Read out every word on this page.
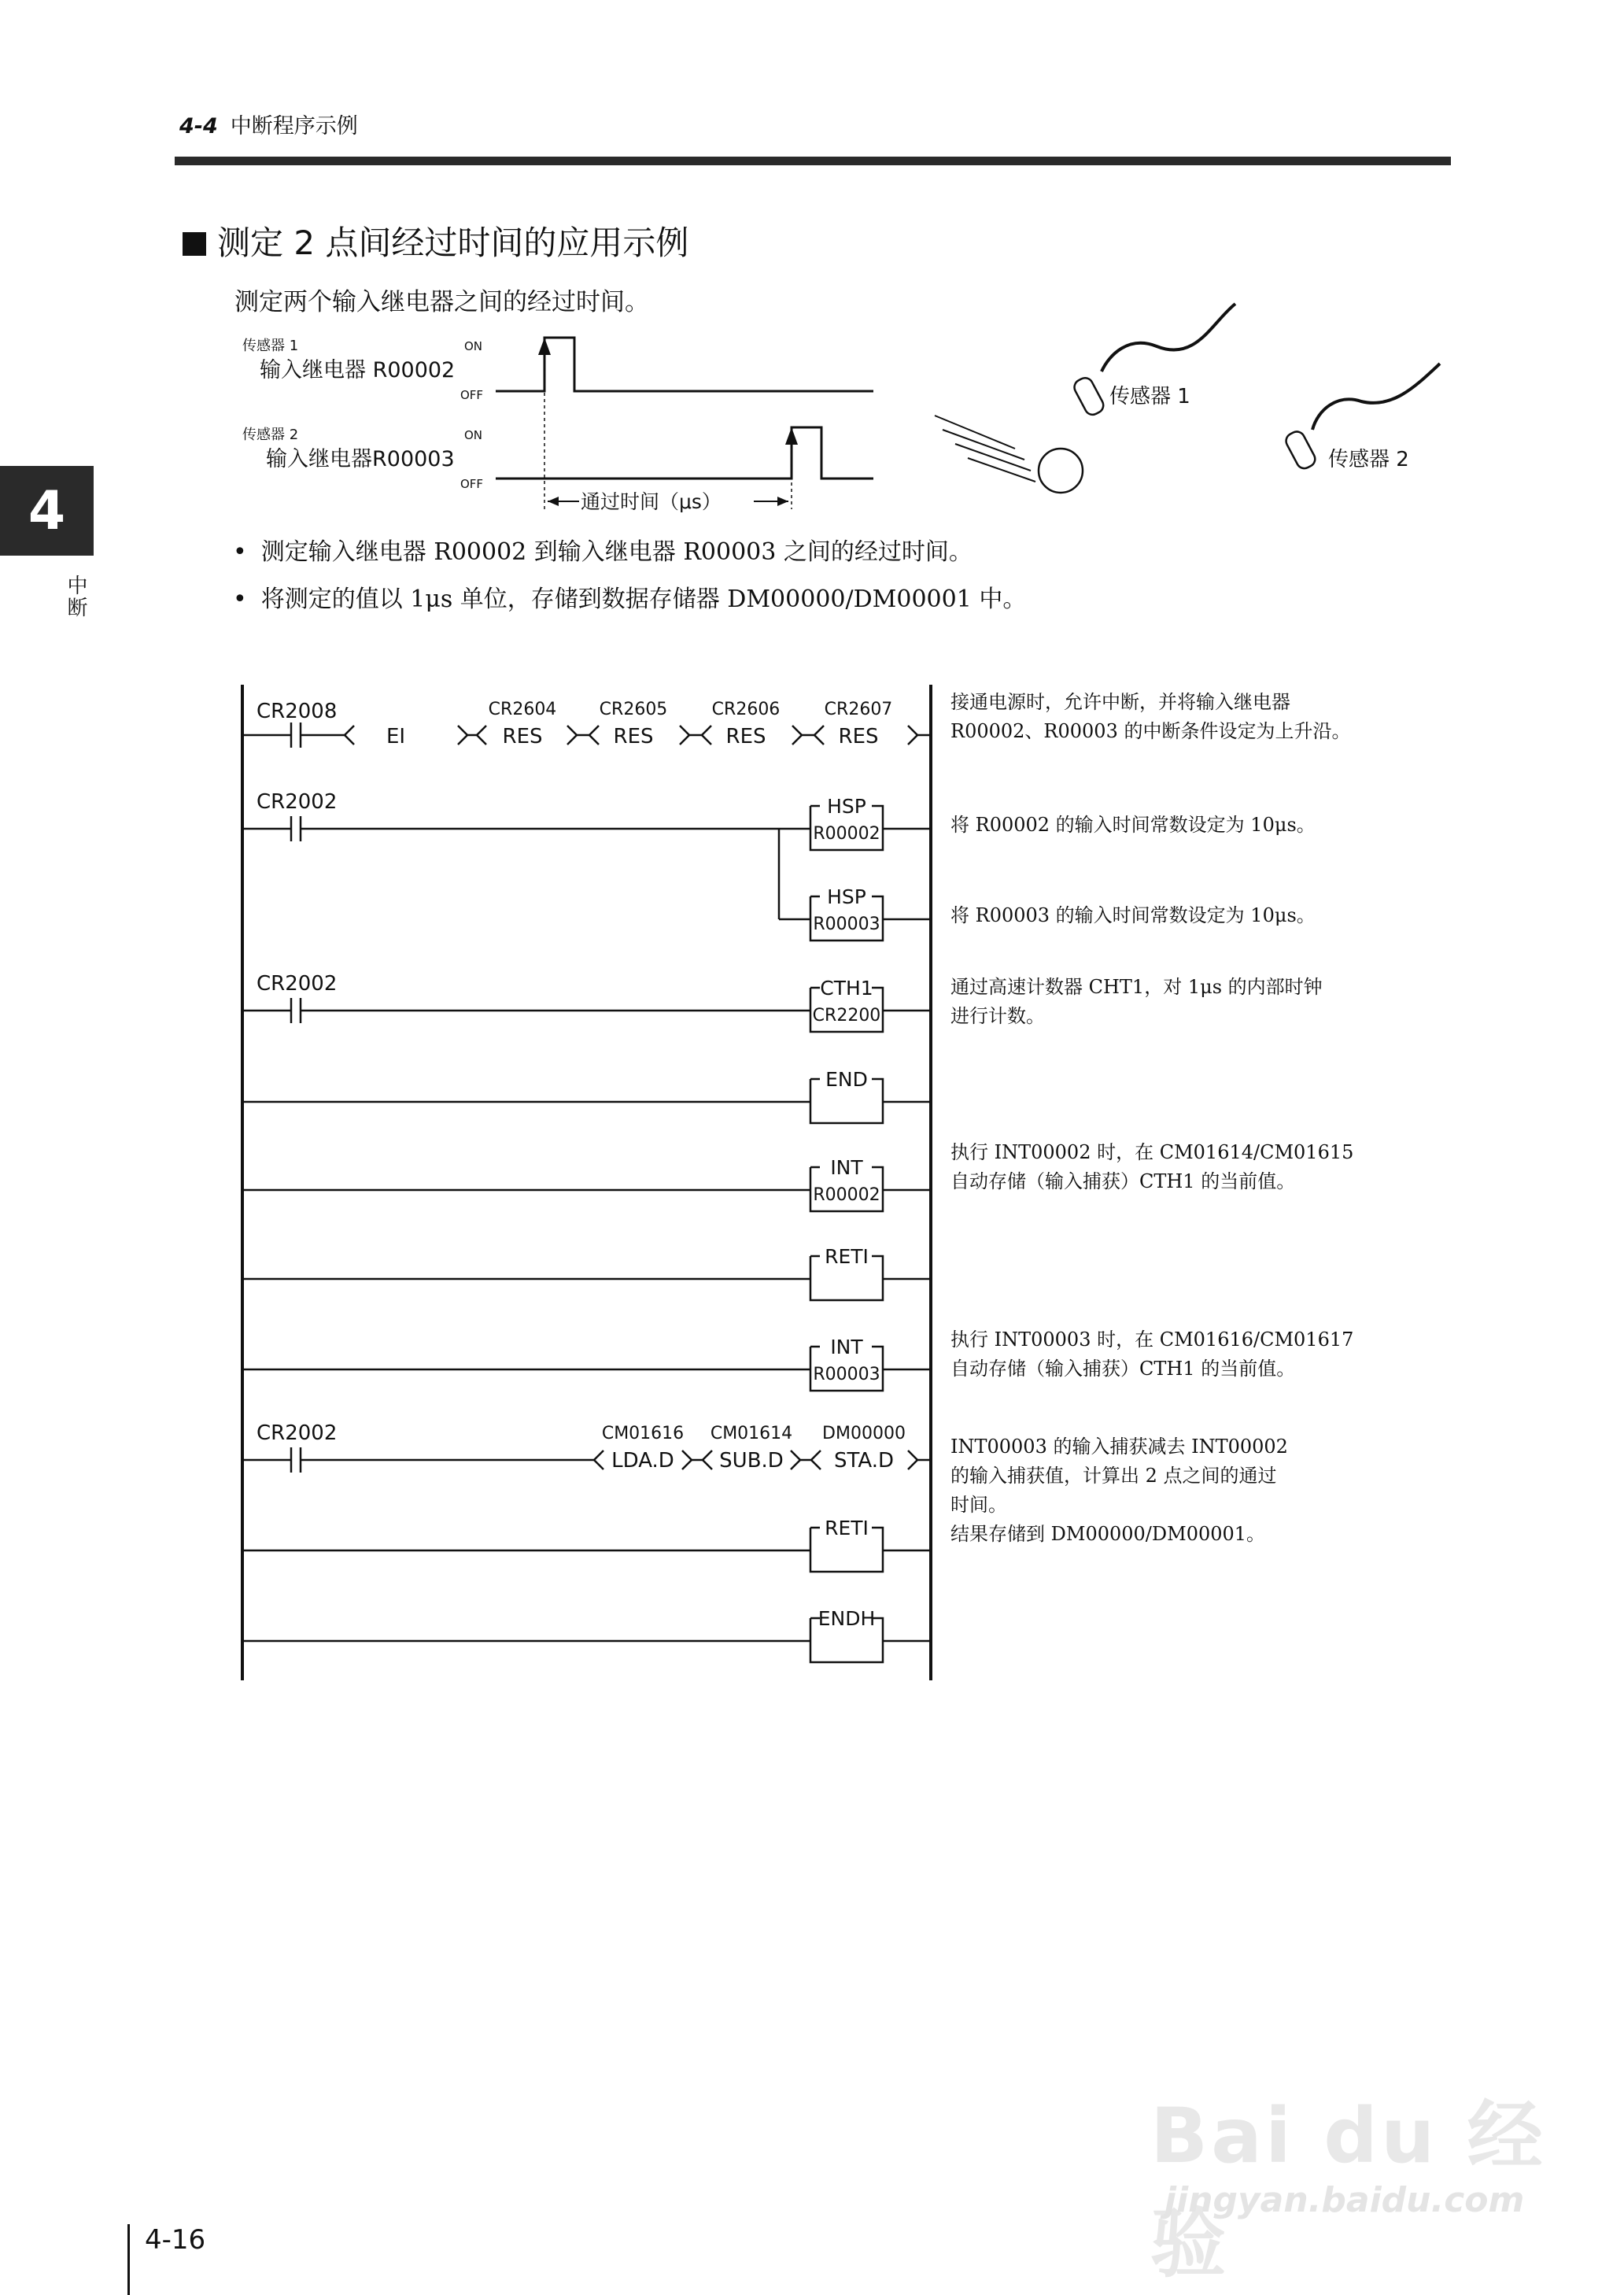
4-4 中断程序示例
4
中断
测定 2 点间经过时间的应用示例
测定两个输入继电器之间的经过时间。
传感器 1
输入继电器 R00002
ON
OFF
传感器 2
输入继电器R00003
ON
OFF
通过时间（μs）
传感器 1
传感器 2
• 测定输入继电器 R00002 到输入继电器 R00003 之间的经过时间。
• 将测定的值以 1μs 单位，存储到数据存储器 DM00000/DM00001 中。
CR2008
EI
CR2604
RES
CR2605
RES
CR2606
RES
CR2607
RES
CR2002	HSP
R00002
HSP
R00003
CR2002	CTH1
CR2200
END
INT
R00002
RETI
INT
R00003
CR2002	CM01616
LDA.D
CM01614
SUB.D
DM00000
STA.D
RETI
ENDH
接通电源时，允许中断，并将输入继电器
R00002、R00003 的中断条件设定为上升沿。
将 R00002 的输入时间常数设定为 10μs。
将 R00003 的输入时间常数设定为 10μs。
通过高速计数器 CHT1，对 1μs 的内部时钟
进行计数。
执行 INT00002 时，在 CM01614/CM01615
自动存储（输入捕获）CTH1 的当前值。
执行 INT00003 时，在 CM01616/CM01617
自动存储（输入捕获）CTH1 的当前值。
INT00003 的输入捕获减去 INT00002
的输入捕获值，计算出 2 点之间的通过
时间。
结果存储到 DM00000/DM00001。
Bai du 经验
jingyan.baidu.com
4-16
